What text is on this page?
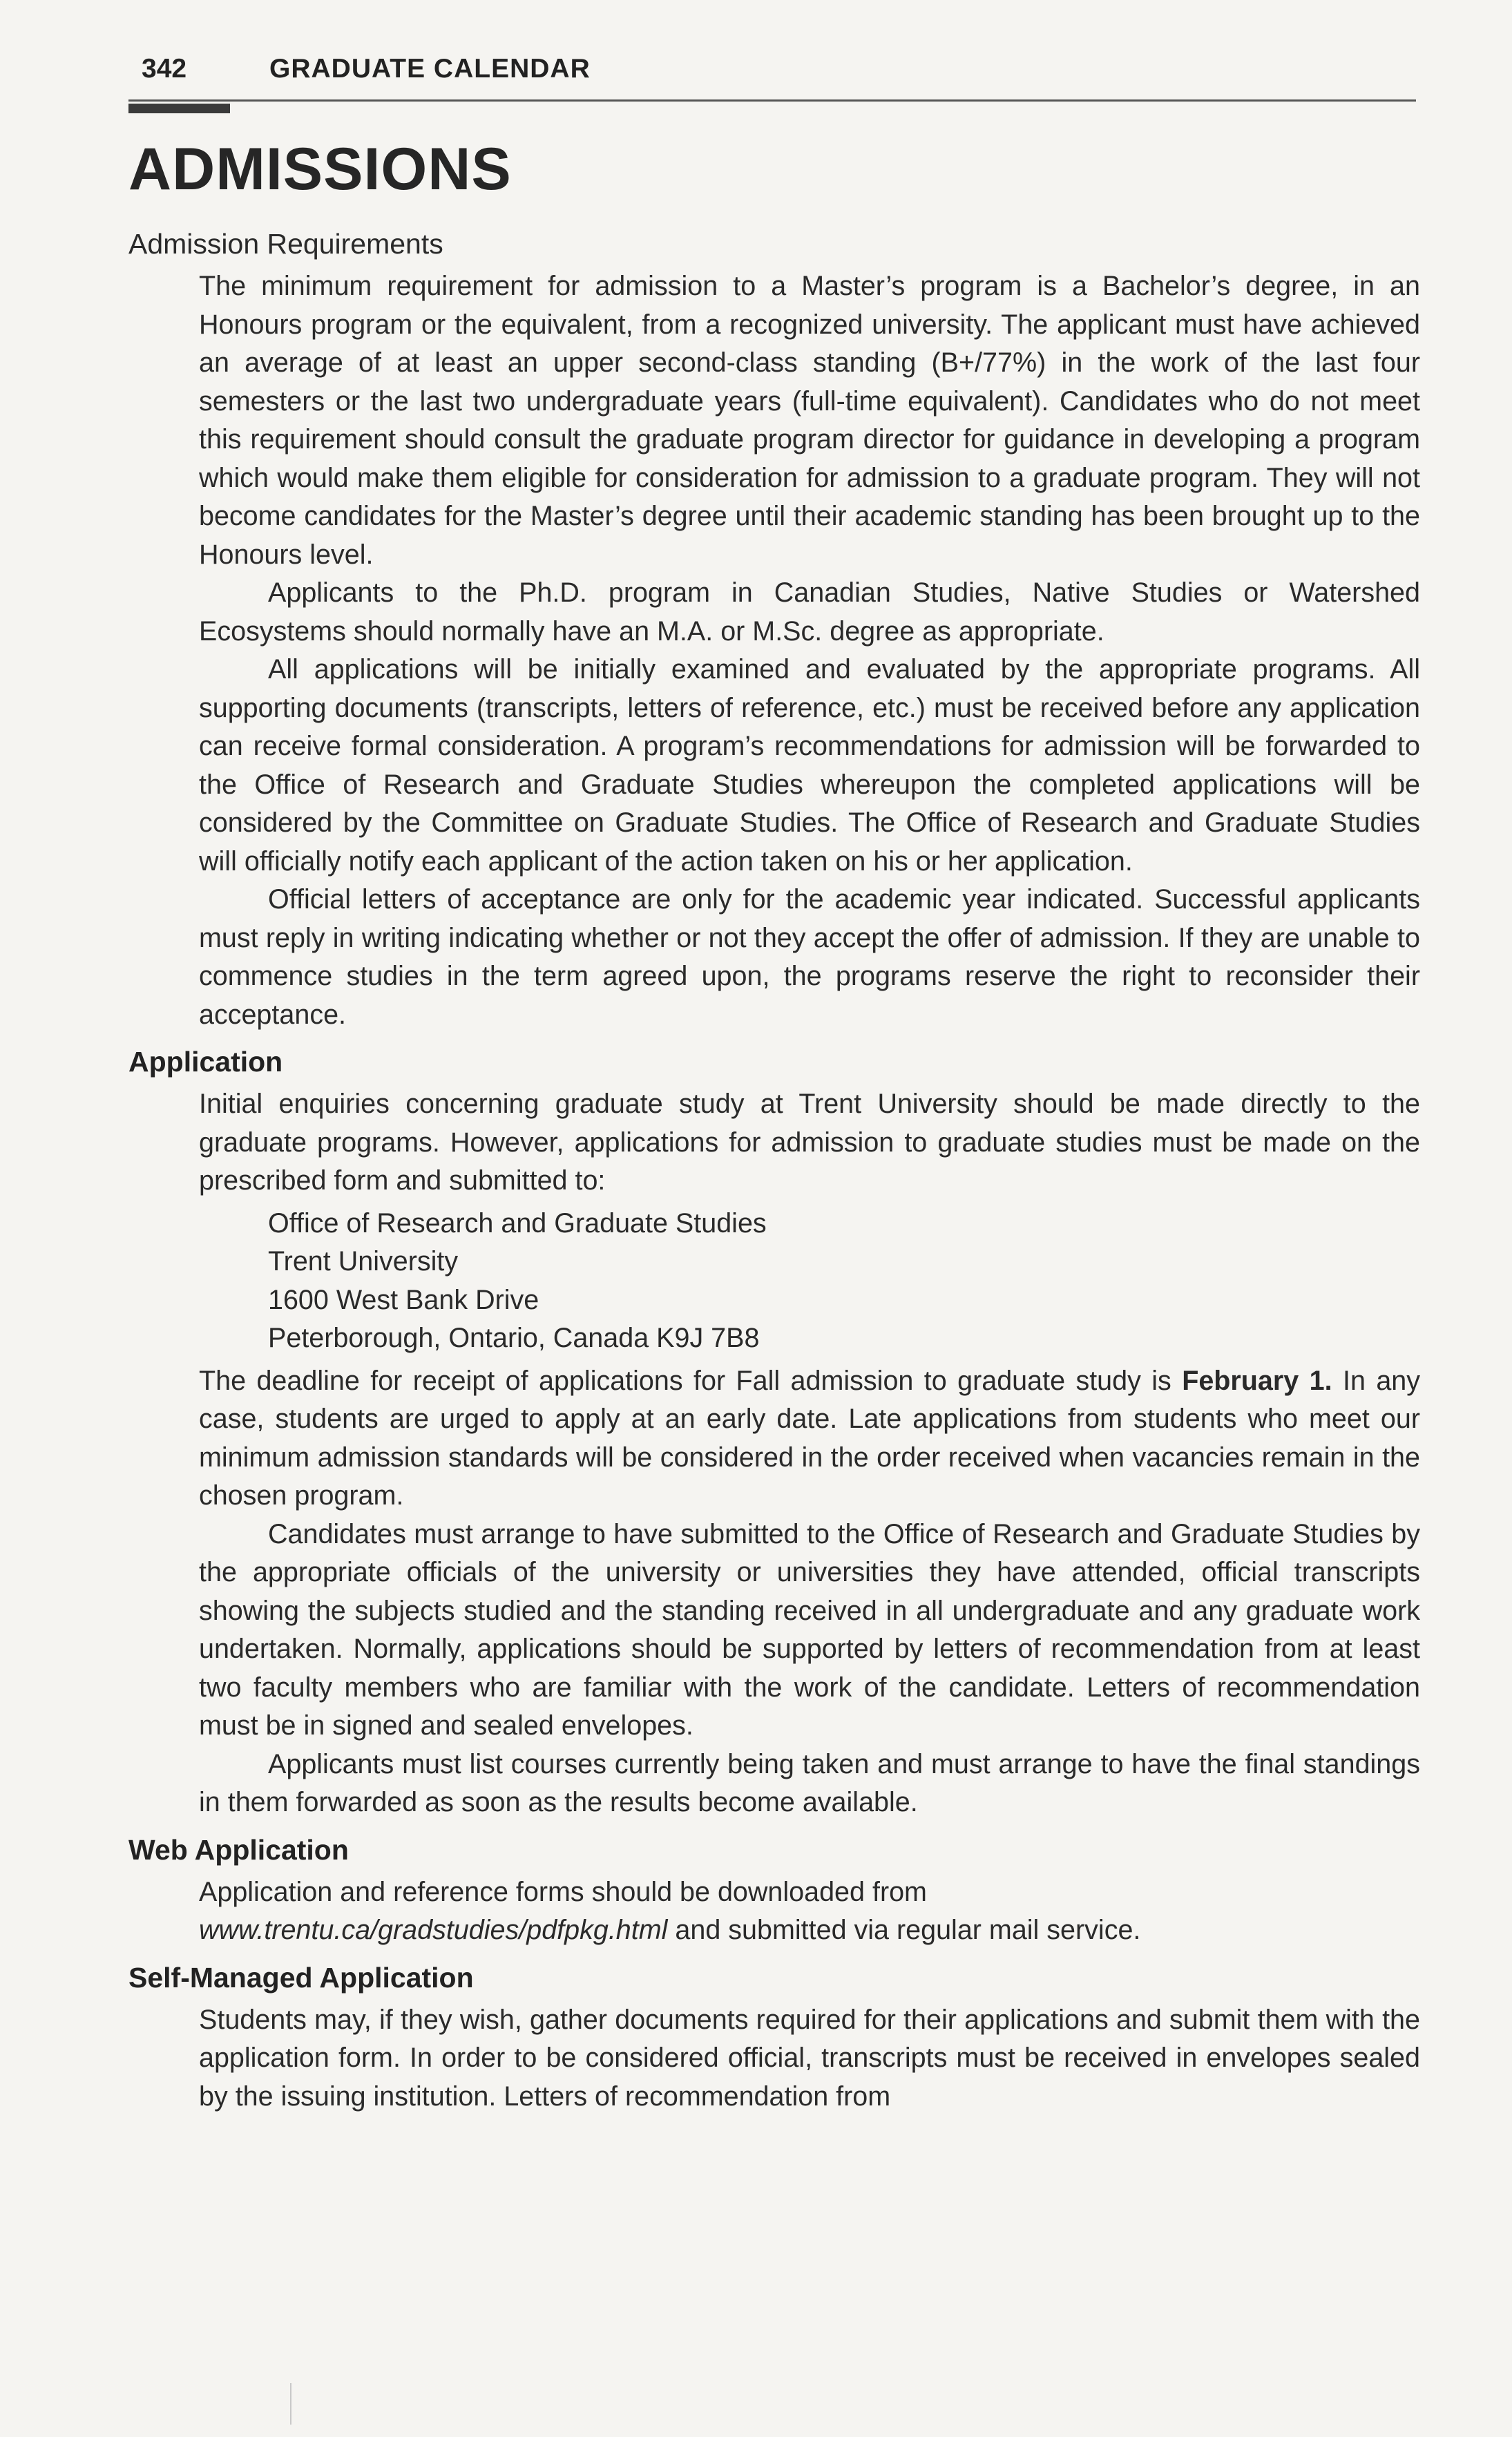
342	GRADUATE CALENDAR
ADMISSIONS
Admission Requirements

The minimum requirement for admission to a Master’s program is a Bachelor’s degree, in an Honours program or the equivalent, from a recognized university. The applicant must have achieved an average of at least an upper second-class standing (B+/77%) in the work of the last four semesters or the last two undergraduate years (full-time equivalent). Candidates who do not meet this requirement should consult the graduate program director for guidance in developing a program which would make them eligible for consideration for admission to a graduate program. They will not become candidates for the Master’s degree until their academic standing has been brought up to the Honours level.

Applicants to the Ph.D. program in Canadian Studies, Native Studies or Watershed Ecosystems should normally have an M.A. or M.Sc. degree as appropriate.

All applications will be initially examined and evaluated by the appropriate programs. All supporting documents (transcripts, letters of reference, etc.) must be received before any application can receive formal consideration. A program’s recommendations for admission will be forwarded to the Office of Research and Graduate Studies whereupon the completed applications will be considered by the Committee on Graduate Studies. The Office of Research and Graduate Studies will officially notify each applicant of the action taken on his or her application.

Official letters of acceptance are only for the academic year indicated. Successful applicants must reply in writing indicating whether or not they accept the offer of admission. If they are unable to commence studies in the term agreed upon, the programs reserve the right to reconsider their acceptance.

Application

Initial enquiries concerning graduate study at Trent University should be made directly to the graduate programs. However, applications for admission to graduate studies must be made on the prescribed form and submitted to:

Office of Research and Graduate Studies
Trent University
1600 West Bank Drive
Peterborough, Ontario, Canada K9J 7B8

The deadline for receipt of applications for Fall admission to graduate study is February 1. In any case, students are urged to apply at an early date. Late applications from students who meet our minimum admission standards will be considered in the order received when vacancies remain in the chosen program.

Candidates must arrange to have submitted to the Office of Research and Graduate Studies by the appropriate officials of the university or universities they have attended, official transcripts showing the subjects studied and the standing received in all undergraduate and any graduate work undertaken. Normally, applications should be supported by letters of recommendation from at least two faculty members who are familiar with the work of the candidate. Letters of recommendation must be in signed and sealed envelopes.

Applicants must list courses currently being taken and must arrange to have the final standings in them forwarded as soon as the results become available.

Web Application

Application and reference forms should be downloaded from
www.trentu.ca/gradstudies/pdfpkg.html and submitted via regular mail service.

Self-Managed Application

Students may, if they wish, gather documents required for their applications and submit them with the application form. In order to be considered official, transcripts must be received in envelopes sealed by the issuing institution. Letters of recommendation from
